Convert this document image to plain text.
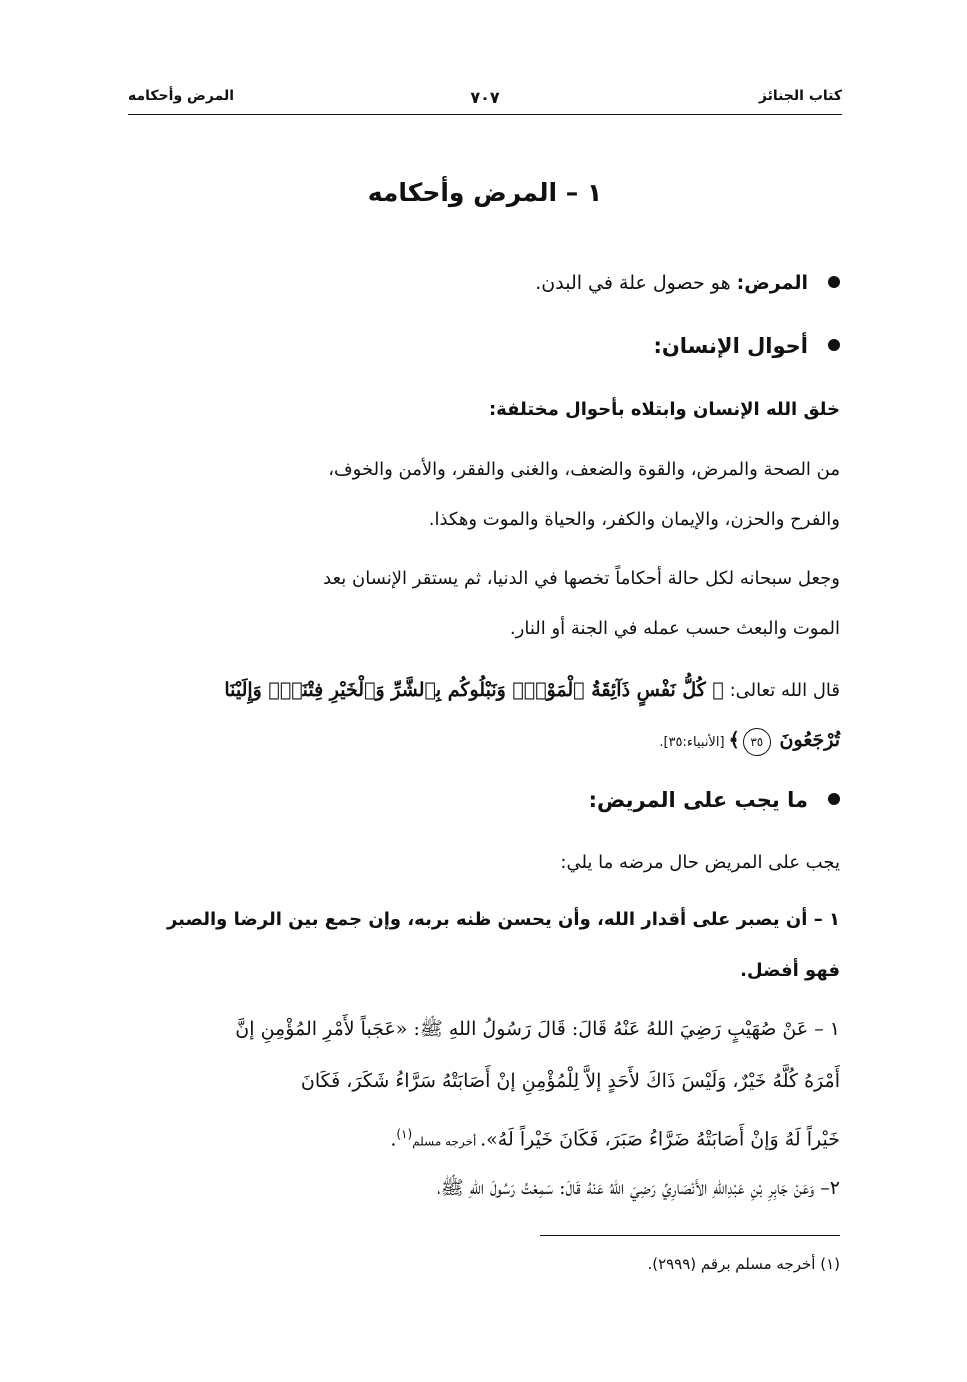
كتاب الجنائز
٧٠٧
المرض وأحكامه
١ – المرض وأحكامه

المرض: هو حصول علة في البدن.

أحوال الإنسان:

خلق الله الإنسان وابتلاه بأحوال مختلفة:

من الصحة والمرض، والقوة والضعف، والغنى والفقر، والأمن والخوف،

والفرح والحزن، والإيمان والكفر، والحياة والموت وهكذا.

وجعل سبحانه لكل حالة أحكاماً تخصها في الدنيا، ثم يستقر الإنسان بعد

الموت والبعث حسب عمله في الجنة أو النار.

قال الله تعالى: ﴿ كُلُّ نَفْسٍ ذَآئِقَةُ ٱلْمَوْتِۗ وَنَبْلُوكُم بِٱلشَّرِّ وَٱلْخَيْرِ فِتْنَةًۖ وَإِلَيْنَا

تُرْجَعُونَ ٣٥﴾ [الأنبياء:٣٥].

ما يجب على المريض:

يجب على المريض حال مرضه ما يلي:

١ – أن يصبر على أقدار الله، وأن يحسن ظنه بربه، وإن جمع بين الرضا والصبر

فهو أفضل.

١ – عَنْ صُهَيْبٍ رَضِيَ اللهُ عَنْهُ قَالَ: قَالَ رَسُولُ اللهِ ﷺ: «عَجَباً لأَمْرِ المُؤْمِنِ إنَّ

أَمْرَهُ كُلَّهُ خَيْرٌ، وَلَيْسَ ذَاكَ لأَحَدٍ إلاَّ لِلْمُؤْمِنِ إنْ أَصَابَتْهُ سَرَّاءُ شَكَرَ، فَكَانَ

خَيْراً لَهُ وَإنْ أَصَابَتْهُ ضَرَّاءُ صَبَرَ، فَكَانَ خَيْراً لَهُ». أخرجه مسلم$^{(١)}$.

٢– وَعَنْ جَابِرِ بْنِ عَبْدِاللهِ الأَنْصَارِيِّ رَضِيَ اللهُ عَنْهُ قَالَ: سَمِعْتُ رَسُولَ اللهِ ﷺ،

(١) أخرجه مسلم برقم (٢٩٩٩).
